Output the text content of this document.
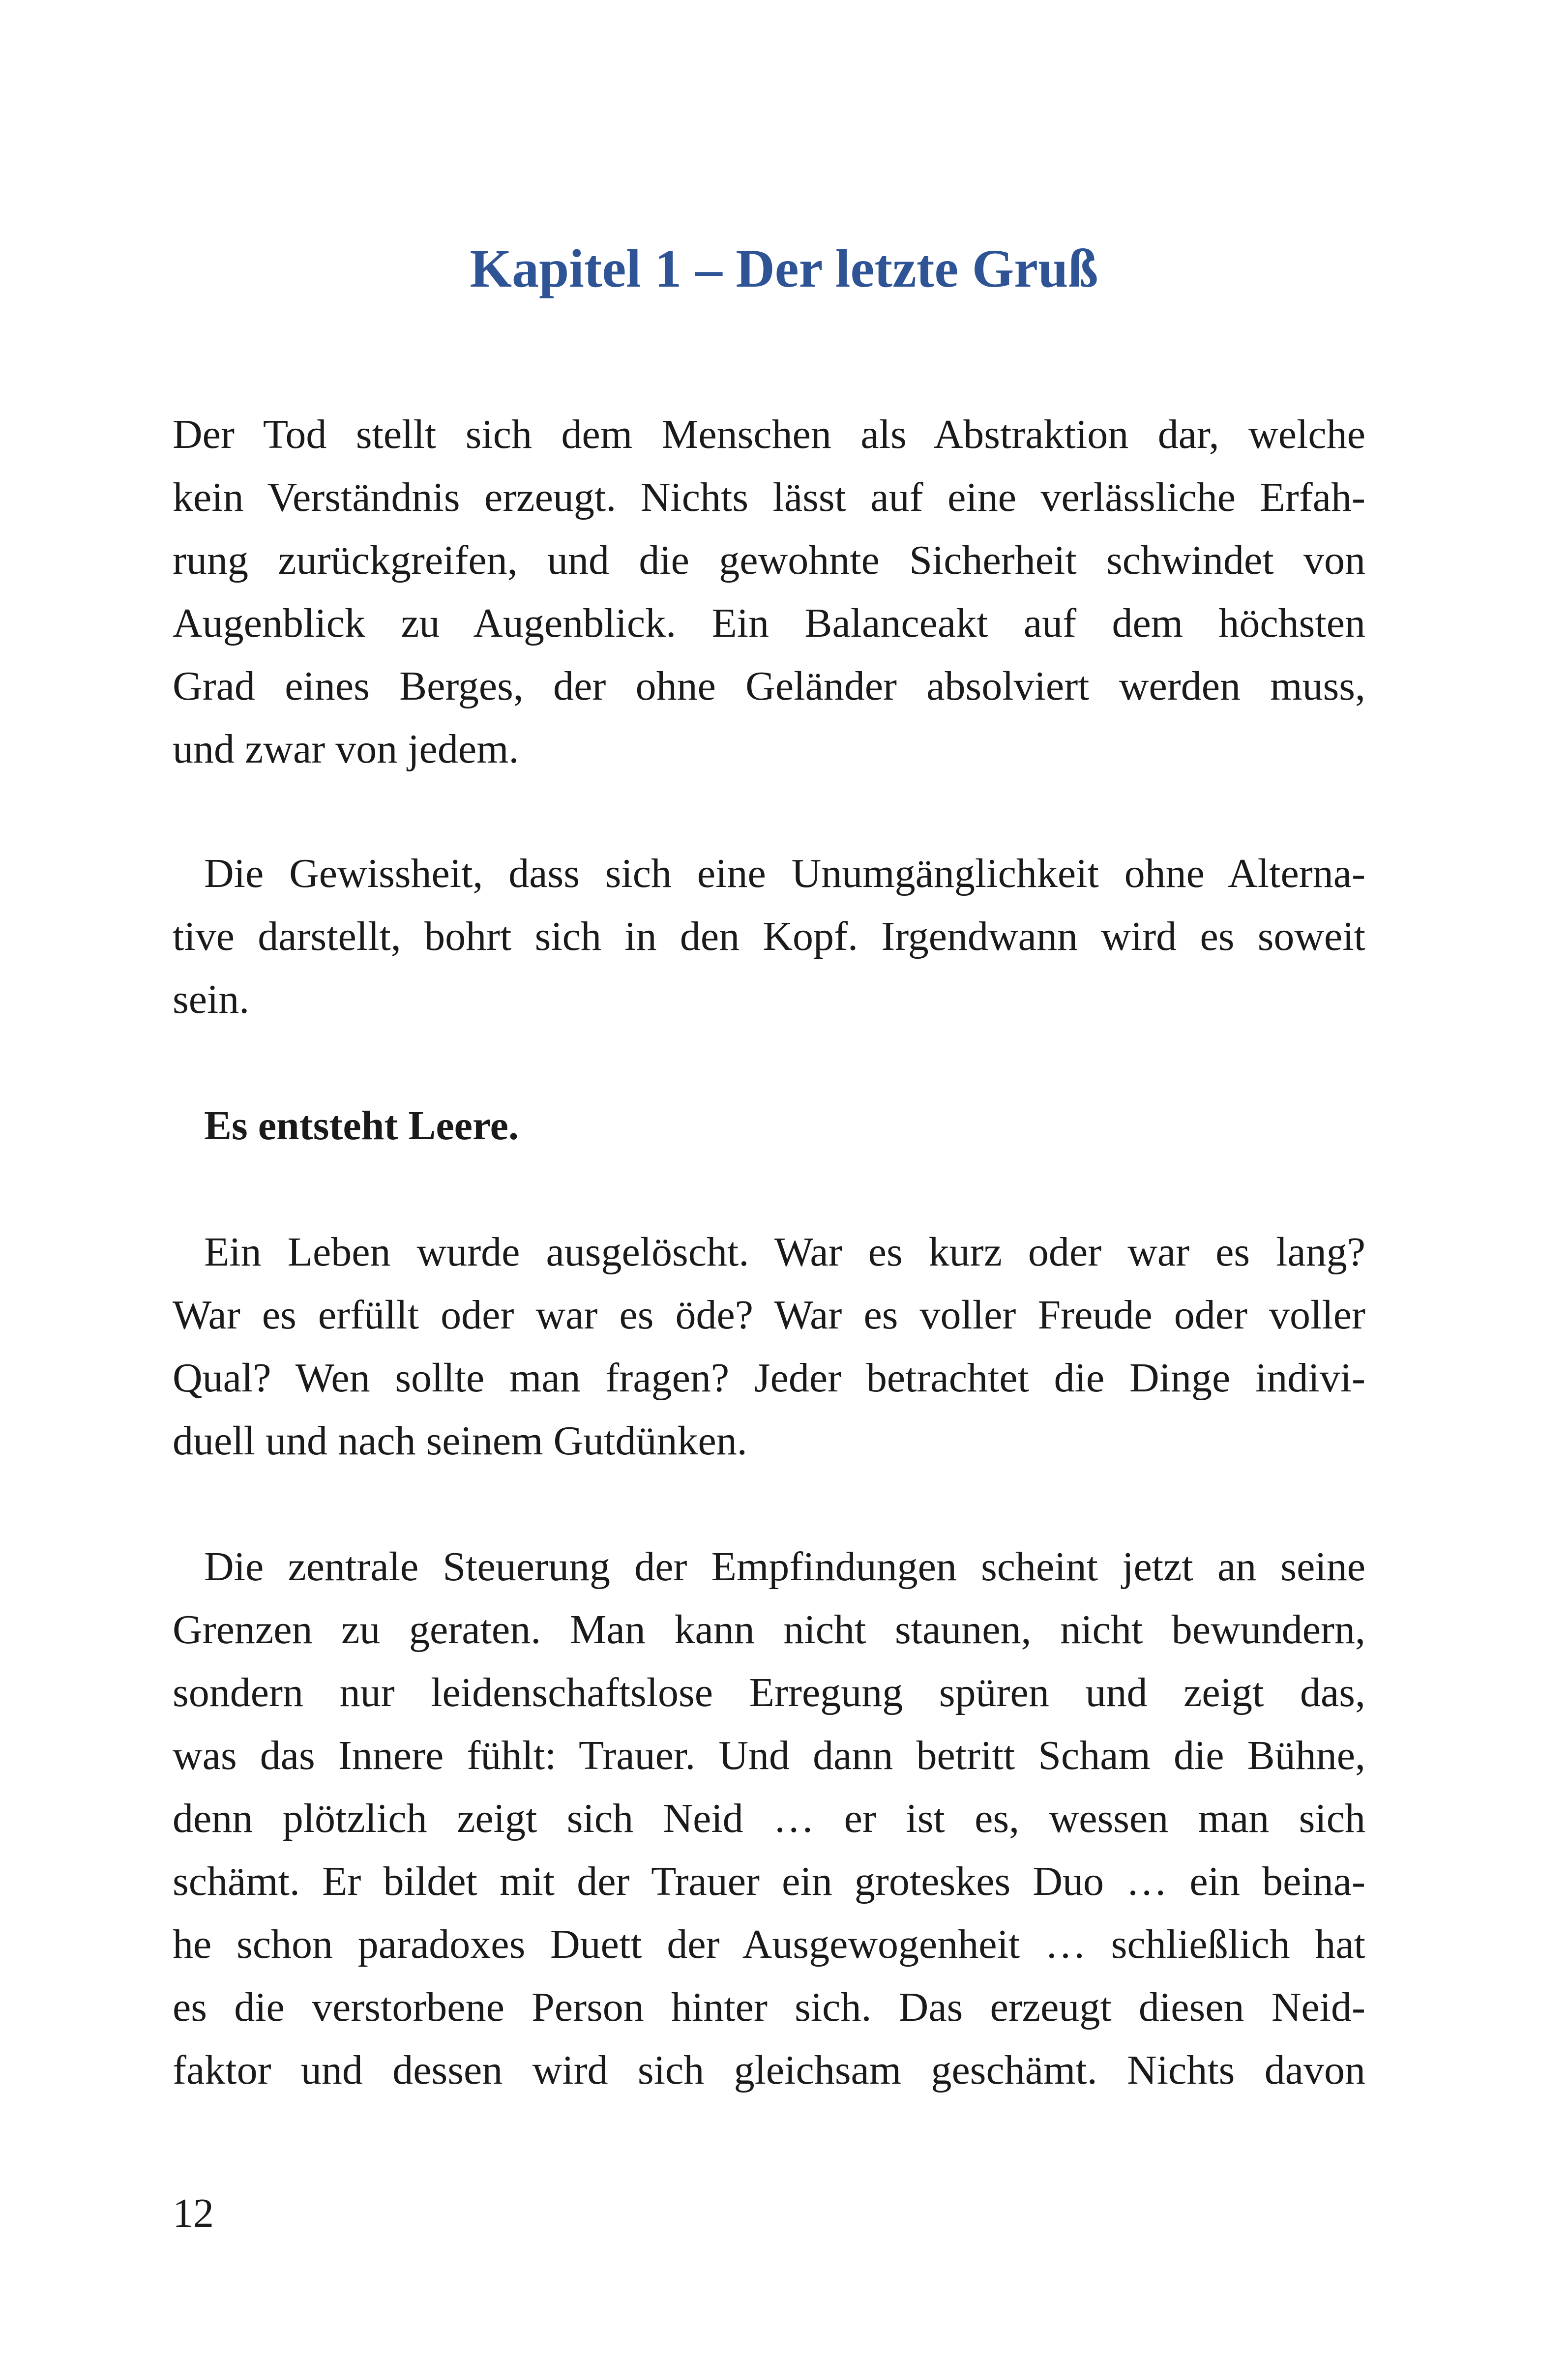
Kapitel 1 – Der letzte Gruß
Der Tod stellt sich dem Menschen als Abstraktion dar, welche
kein Verständnis erzeugt. Nichts lässt auf eine verlässliche Erfah-
rung zurückgreifen, und die gewohnte Sicherheit schwindet von
Augenblick zu Augenblick. Ein Balanceakt auf dem höchsten
Grad eines Berges, der ohne Geländer absolviert werden muss,
und zwar von jedem.
Die Gewissheit, dass sich eine Unumgänglichkeit ohne Alterna-
tive darstellt, bohrt sich in den Kopf. Irgendwann wird es soweit
sein.
Es entsteht Leere.
Ein Leben wurde ausgelöscht. War es kurz oder war es lang?
War es erfüllt oder war es öde? War es voller Freude oder voller
Qual? Wen sollte man fragen? Jeder betrachtet die Dinge indivi-
duell und nach seinem Gutdünken.
Die zentrale Steuerung der Empfindungen scheint jetzt an seine
Grenzen zu geraten. Man kann nicht staunen, nicht bewundern,
sondern nur leidenschaftslose Erregung spüren und zeigt das,
was das Innere fühlt: Trauer. Und dann betritt Scham die Bühne,
denn plötzlich zeigt sich Neid … er ist es, wessen man sich
schämt. Er bildet mit der Trauer ein groteskes Duo … ein beina-
he schon paradoxes Duett der Ausgewogenheit … schließlich hat
es die verstorbene Person hinter sich. Das erzeugt diesen Neid-
faktor und dessen wird sich gleichsam geschämt. Nichts davon
12
